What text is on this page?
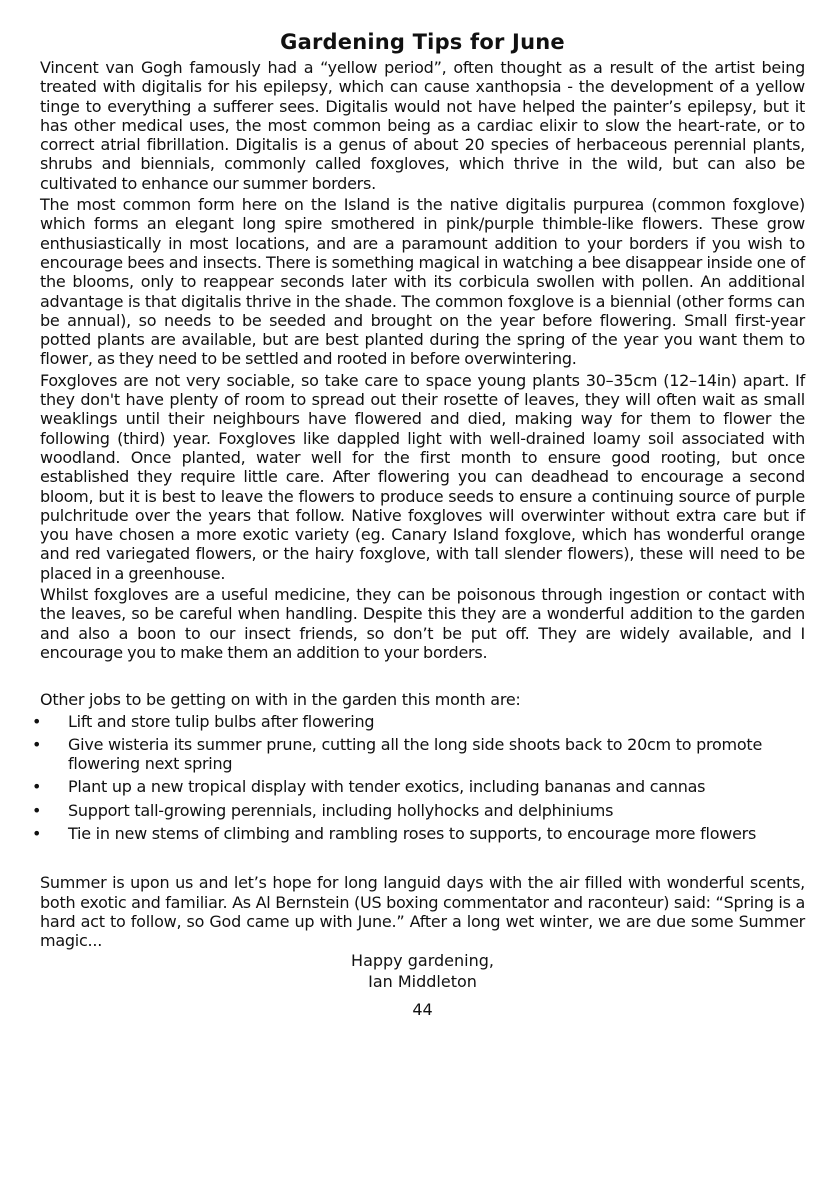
Gardening Tips for June

Vincent van Gogh famously had a “yellow period”, often thought as a result of the artist being treated with digitalis for his epilepsy, which can cause xanthopsia - the development of a yellow tinge to everything a sufferer sees. Digitalis would not have helped the painter’s epilepsy, but it has other medical uses, the most common being as a cardiac elixir to slow the heart-rate, or to correct atrial fibrillation. Digitalis is a genus of about 20 species of herbaceous perennial plants, shrubs and biennials, commonly called foxgloves, which thrive in the wild, but can also be cultivated to enhance our summer borders.

The most common form here on the Island is the native digitalis purpurea (common foxglove) which forms an elegant long spire smothered in pink/purple thimble-like flowers. These grow enthusiastically in most locations, and are a paramount addition to your borders if you wish to encourage bees and insects. There is something magical in watching a bee disappear inside one of the blooms, only to reappear seconds later with its corbicula swollen with pollen. An additional advantage is that digitalis thrive in the shade. The common foxglove is a biennial (other forms can be annual), so needs to be seeded and brought on the year before flowering. Small first-year potted plants are available, but are best planted during the spring of the year you want them to flower, as they need to be settled and rooted in before overwintering.

Foxgloves are not very sociable, so take care to space young plants 30–35cm (12–14in) apart. If they don't have plenty of room to spread out their rosette of leaves, they will often wait as small weaklings until their neighbours have flowered and died, making way for them to flower the following (third) year. Foxgloves like dappled light with well-drained loamy soil associated with woodland. Once planted, water well for the first month to ensure good rooting, but once established they require little care. After flowering you can deadhead to encourage a second bloom, but it is best to leave the flowers to produce seeds to ensure a continuing source of purple pulchritude over the years that follow. Native foxgloves will overwinter without extra care but if you have chosen a more exotic variety (eg. Canary Island foxglove, which has wonderful orange and red variegated flowers, or the hairy foxglove, with tall slender flowers), these will need to be placed in a greenhouse.

Whilst foxgloves are a useful medicine, they can be poisonous through ingestion or contact with the leaves, so be careful when handling. Despite this they are a wonderful addition to the garden and also a boon to our insect friends, so don’t be put off. They are widely available, and I encourage you to make them an addition to your borders.

Other jobs to be getting on with in the garden this month are:

• Lift and store tulip bulbs after flowering
• Give wisteria its summer prune, cutting all the long side shoots back to 20cm to promote flowering next spring
• Plant up a new tropical display with tender exotics, including bananas and cannas
• Support tall-growing perennials, including hollyhocks and delphiniums
• Tie in new stems of climbing and rambling roses to supports, to encourage more flowers

Summer is upon us and let’s hope for long languid days with the air filled with wonderful scents, both exotic and familiar. As Al Bernstein (US boxing commentator and raconteur) said: “Spring is a hard act to follow, so God came up with June.” After a long wet winter, we are due some Summer magic...

Happy gardening,
Ian Middleton
44
